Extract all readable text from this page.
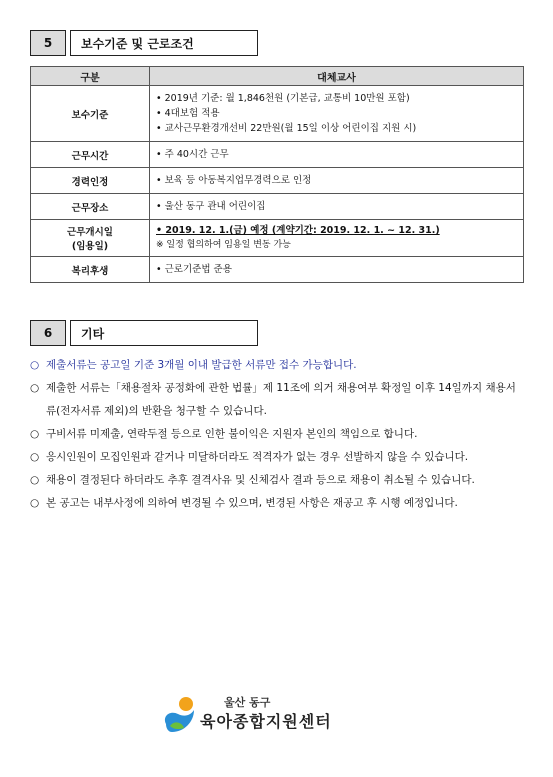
5	보수기준 및 근로조건
구분	대체교사
보수기준	• 2019년 기준: 월 1,846천원 (기본급, 교통비 10만원 포함)
• 4대보험 적용
• 교사근무환경개선비 22만원(월 15일 이상 어린이집 지원 시)

근무시간	• 주 40시간 근무

경력인정	• 보육 등 아동복지업무경력으로 인정

근무장소	• 울산 동구 관내 어린이집

근무개시일
(임용일)	• 2019. 12. 1.(금) 예정 (계약기간: 2019. 12. 1. ~ 12. 31.)
※ 일정 협의하여 임용일 변동 가능

복리후생	• 근로기준법 준용
6	기타
○ 제출서류는 공고일 기준 3개월 이내 발급한 서류만 접수 가능합니다.
○ 제출한 서류는「채용절차 공정화에 관한 법률」제 11조에 의거 채용여부 확정일 이후 14일까지 채용서류(전자서류 제외)의 반환을 청구할 수 있습니다.
○ 구비서류 미제출, 연락두절 등으로 인한 불이익은 지원자 본인의 책임으로 합니다.
○ 응시인원이 모집인원과 같거나 미달하더라도 적격자가 없는 경우 선발하지 않을 수 있습니다.
○ 채용이 결정된다 하더라도 추후 결격사유 및 신체검사 결과 등으로 채용이 취소될 수 있습니다.
○ 본 공고는 내부사정에 의하여 변경될 수 있으며, 변경된 사항은 재공고 후 시행 예정입니다.
울산 동구
육아종합지원센터
